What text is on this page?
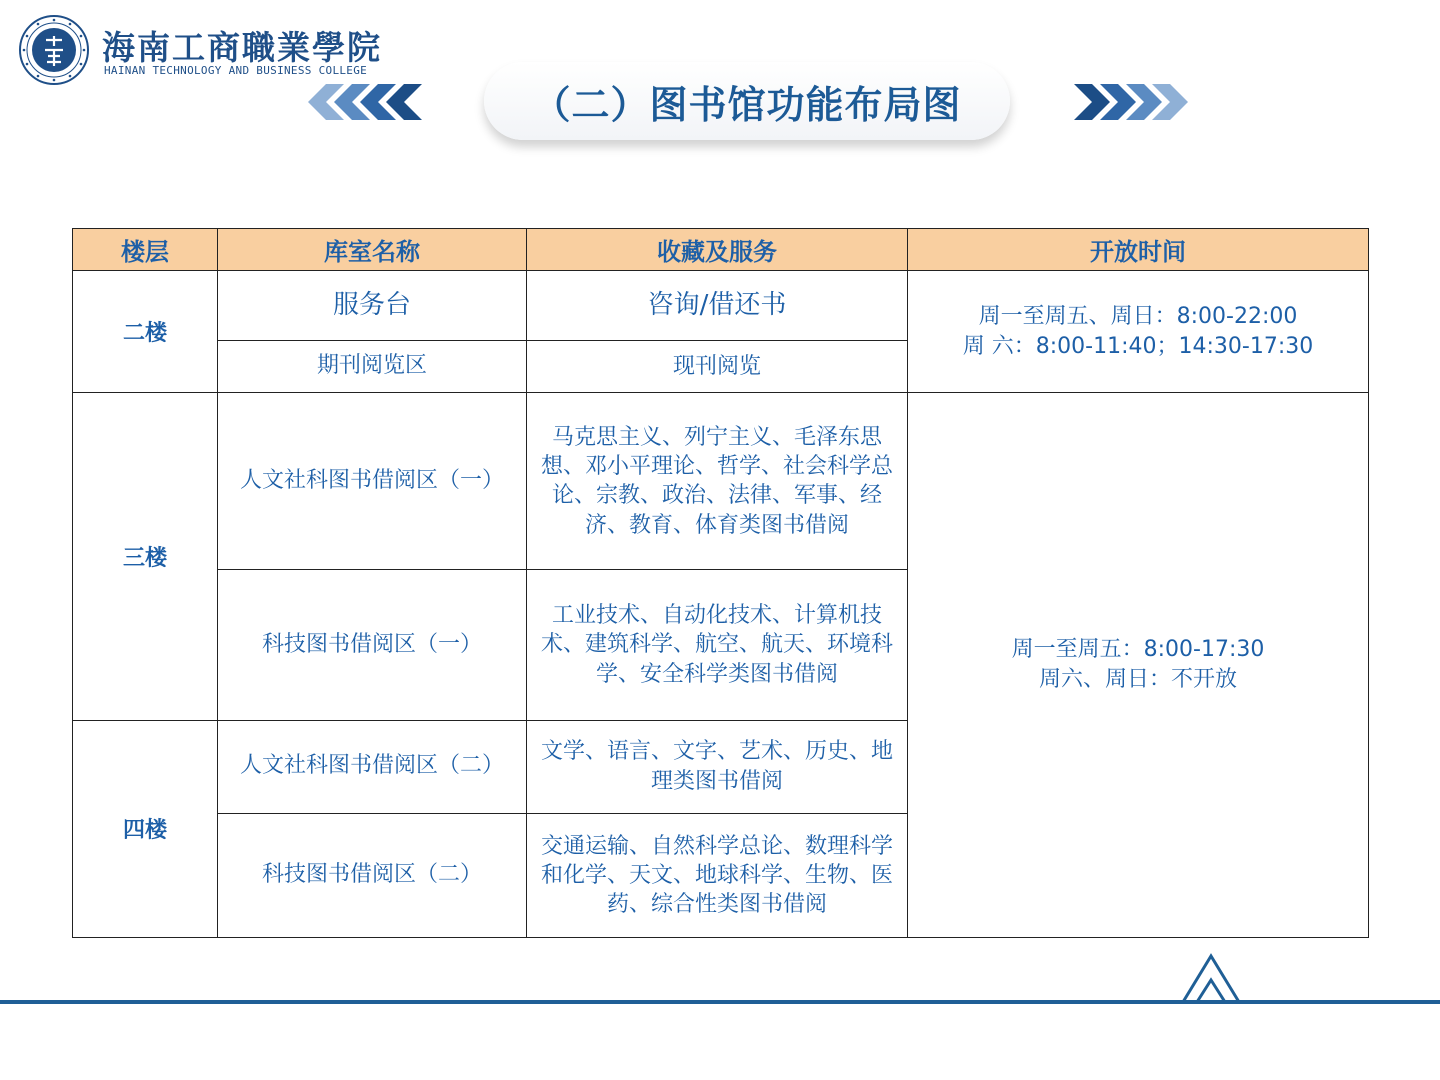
海南工商職業學院
HAINAN TECHNOLOGY AND BUSINESS COLLEGE
（二）图书馆功能布局图
楼层	库室名称	收藏及服务	开放时间
二楼	服务台	咨询/借还书	周一至周五、周日：8:00-22:00
周 六：8:00-11:40；14:30-17:30

	期刊阅览区	现刊阅览	
三楼	人文社科图书借阅区（一）	马克思主义、列宁主义、毛泽东思想、邓小平理论、哲学、社会科学总论、宗教、政治、法律、军事、经济、教育、体育类图书借阅	周一至周五：8:00-17:30
周六、周日：不开放

	科技图书借阅区（一）	工业技术、自动化技术、计算机技术、建筑科学、航空、航天、环境科学、安全科学类图书借阅	
四楼	人文社科图书借阅区（二）	文学、语言、文字、艺术、历史、地理类图书借阅	
	科技图书借阅区（二）	交通运输、自然科学总论、数理科学和化学、天文、地球科学、生物、医药、综合性类图书借阅	
